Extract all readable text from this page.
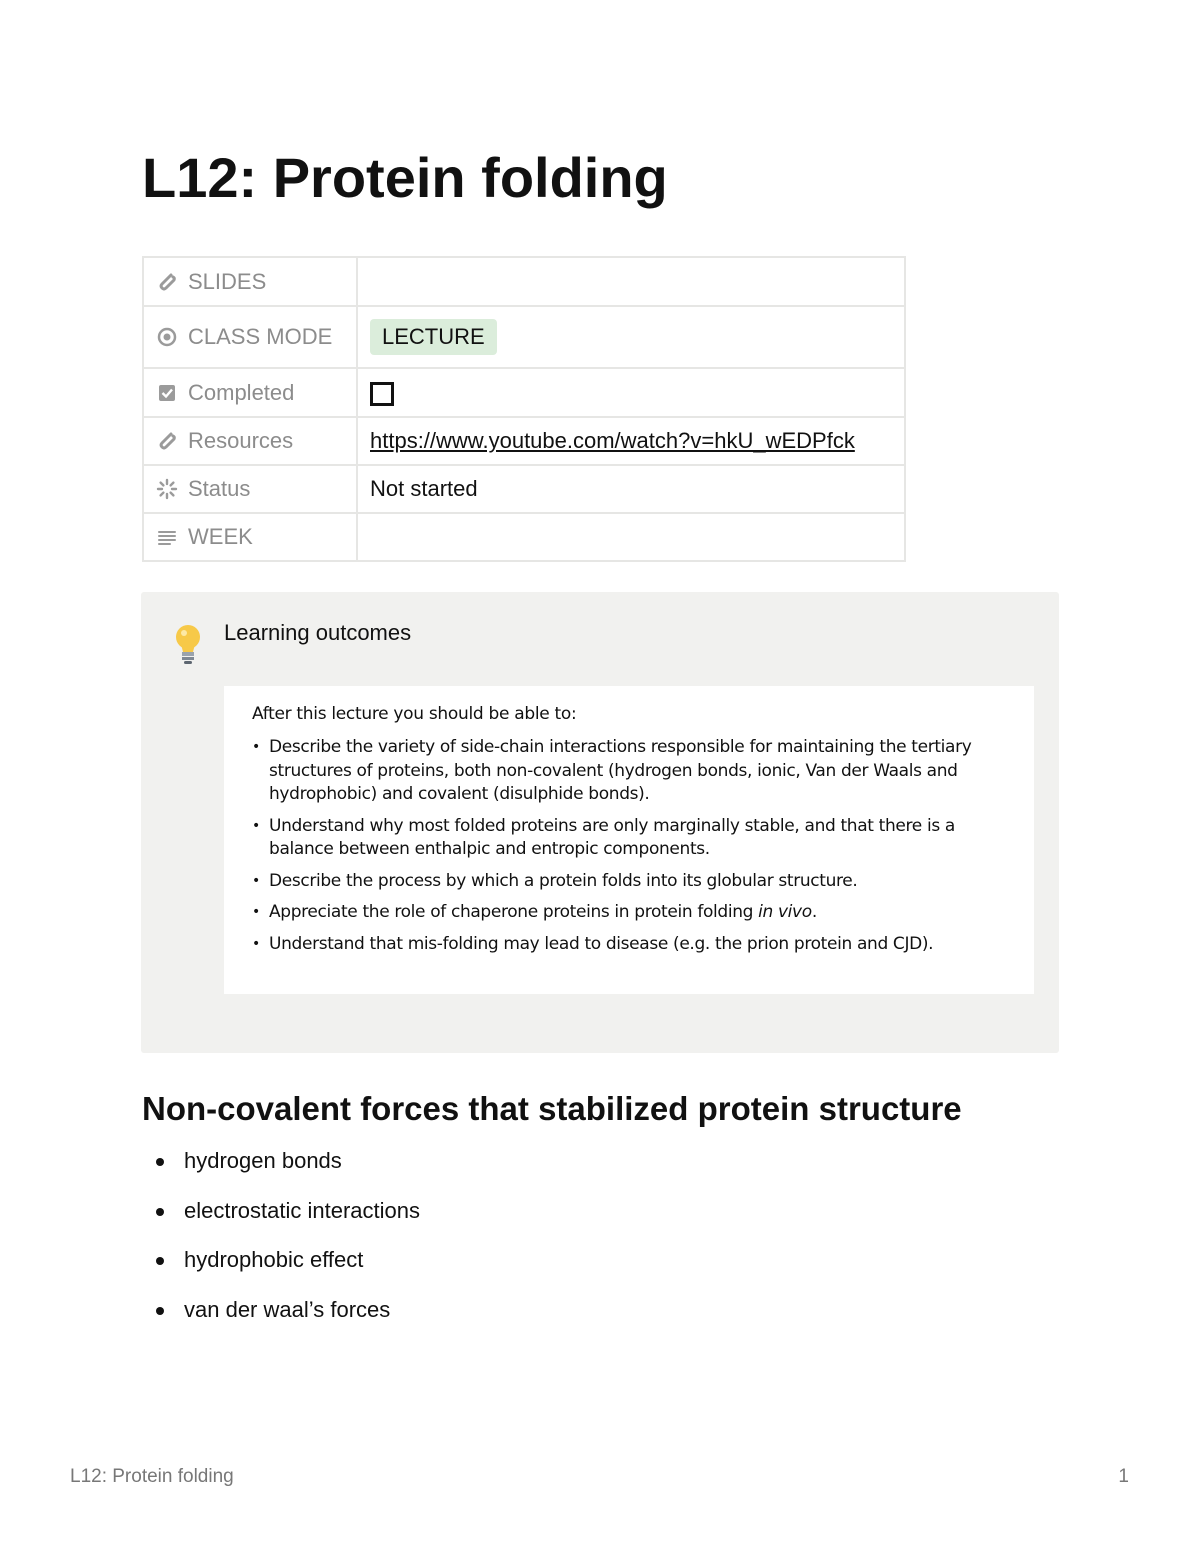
L12: Protein folding
SLIDES	

CLASS MODE	LECTURE

Completed	

Resources	https://www.youtube.com/watch?v=hkU_wEDPfck

Status	Not started

WEEK	

Learning outcomes

After this lecture you should be able to:

• Describe the variety of side-chain interactions responsible for maintaining the tertiary structures of proteins, both non-covalent (hydrogen bonds, ionic, Van der Waals and hydrophobic) and covalent (disulphide bonds).
• Understand why most folded proteins are only marginally stable, and that there is a balance between enthalpic and entropic components.
• Describe the process by which a protein folds into its globular structure.
• Appreciate the role of chaperone proteins in protein folding in vivo.
• Understand that mis-folding may lead to disease (e.g. the prion protein and CJD).
Non-covalent forces that stabilized protein structure
hydrogen bonds
electrostatic interactions
hydrophobic effect
van der waal’s forces
L12: Protein folding	1
